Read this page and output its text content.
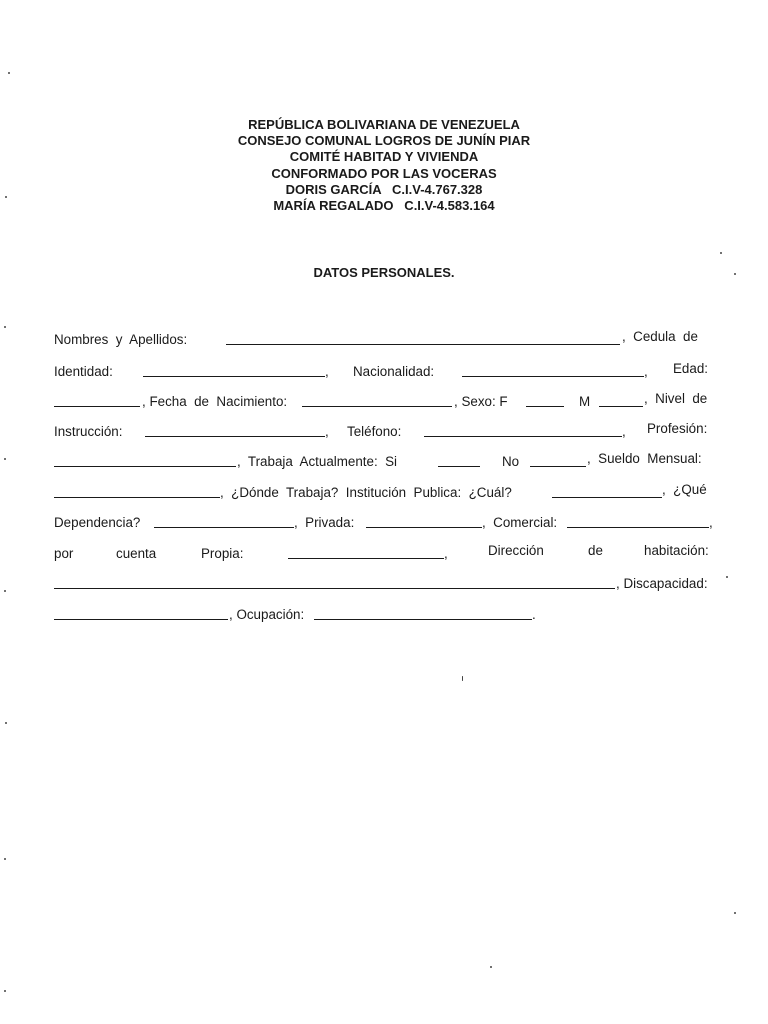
REPÚBLICA BOLIVARIANA DE VENEZUELA
CONSEJO COMUNAL LOGROS DE JUNÍN PIAR
COMITÉ HABITAD Y VIVIENDA
CONFORMADO POR LAS VOCERAS
DORIS GARCÍA   C.I.V-4.767.328
MARÍA REGALADO   C.I.V-4.583.164
DATOS PERSONALES.
Nombres  y  Apellidos:	,  Cedula  de
Identidad:	, Nacionalidad:	, Edad:
, Fecha  de  Nacimiento:	, Sexo: F	M	,  Nivel  de
Instrucción:	, Teléfono:	, Profesión:
,  Trabaja  Actualmente:  Si	No	,  Sueldo  Mensual:
,  ¿Dónde  Trabaja?  Institución  Publica:  ¿Cuál?	,  ¿Qué
Dependencia?	,  Privada:	,  Comercial:	,
por	cuenta	Propia:	,	Dirección	de	habitación:
, Discapacidad:
, Ocupación:	.
